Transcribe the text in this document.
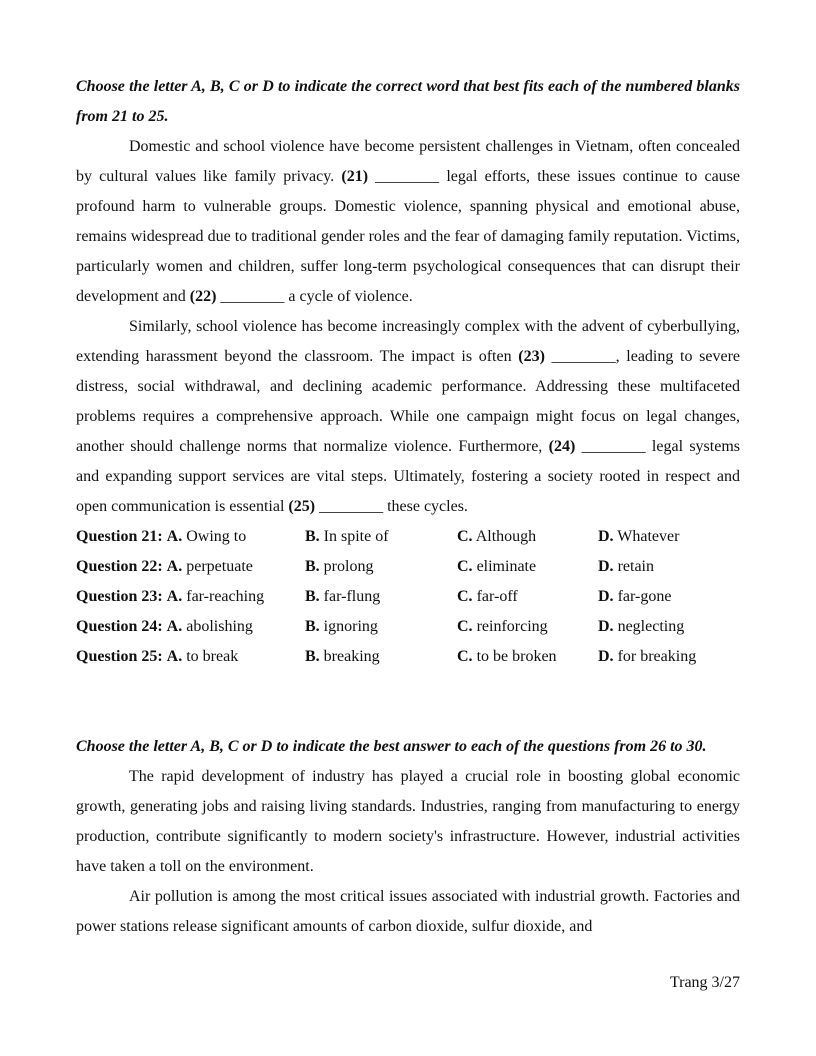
Choose the letter A, B, C or D to indicate the correct word that best fits each of the numbered blanks from 21 to 25.

Domestic and school violence have become persistent challenges in Vietnam, often concealed by cultural values like family privacy. (21) ________ legal efforts, these issues continue to cause profound harm to vulnerable groups. Domestic violence, spanning physical and emotional abuse, remains widespread due to traditional gender roles and the fear of damaging family reputation. Victims, particularly women and children, suffer long-term psychological consequences that can disrupt their development and (22) ________ a cycle of violence.

Similarly, school violence has become increasingly complex with the advent of cyberbullying, extending harassment beyond the classroom. The impact is often (23) ________, leading to severe distress, social withdrawal, and declining academic performance. Addressing these multifaceted problems requires a comprehensive approach. While one campaign might focus on legal changes, another should challenge norms that normalize violence. Furthermore, (24) ________ legal systems and expanding support services are vital steps. Ultimately, fostering a society rooted in respect and open communication is essential (25) ________ these cycles.

Question 21: A. Owing to	B. In spite of	C. Although	D. Whatever
Question 22: A. perpetuate	B. prolong	C. eliminate	D. retain
Question 23: A. far-reaching	B. far-flung	C. far-off	D. far-gone
Question 24: A. abolishing	B. ignoring	C. reinforcing	D. neglecting
Question 25: A. to break	B. breaking	C. to be broken	D. for breaking

Choose the letter A, B, C or D to indicate the best answer to each of the questions from 26 to 30.

The rapid development of industry has played a crucial role in boosting global economic growth, generating jobs and raising living standards. Industries, ranging from manufacturing to energy production, contribute significantly to modern society's infrastructure. However, industrial activities have taken a toll on the environment.

Air pollution is among the most critical issues associated with industrial growth. Factories and power stations release significant amounts of carbon dioxide, sulfur dioxide, and

Trang 3/27
